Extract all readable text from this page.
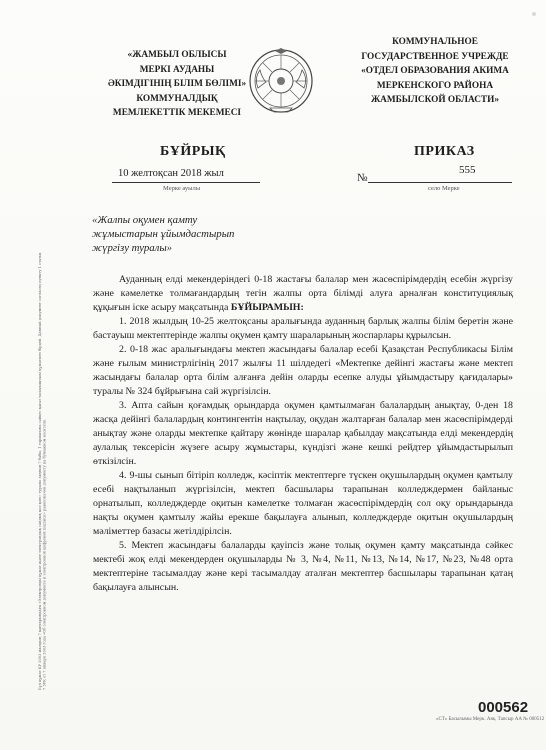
Бұл құжат ҚР 2003 жылдың 7 қаңтарындағы «Электронды құжат және электрондық сандық қол қою» туралы заңның 7 бабы, 1 тармағына сәйкес қағаз тасығыштағы құжатпен бірдей. Данный документ согласно пункту 1 статьи 7 ЗРК от 7 января 2003 года «Об электронном документе и электронной цифровой подписи» равнозначен документу на бумажном носителе.
«ЖАМБЫЛ ОБЛЫСЫ
МЕРКІ АУДАНЫ
ӘКІМДІГІНІҢ БІЛІМ БӨЛІМІ»
КОММУНАЛДЫҚ
МЕМЛЕКЕТТІК МЕКЕМЕСІ
КОММУНАЛЬНОЕ
ГОСУДАРСТВЕННОЕ УЧРЕЖДЕ
«ОТДЕЛ ОБРАЗОВАНИЯ АКИМА
МЕРКЕНСКОГО РАЙОНА
ЖАМБЫЛСКОЙ ОБЛАСТИ»
БҰЙРЫҚ	ПРИКАЗ
10 желтоқсан 2018 жыл
Мерке ауылы
№
555
село Мерке
«Жалпы оқумен қамту
жұмыстарын ұйымдастырып
жүргізу туралы»

Ауданның елді мекендеріндегі 0-18 жастағы балалар мен жасөспірімдердің есебін жүргізу және кәмелетке толмағандардың тегін жалпы орта білімді алуға арналған конституциялық құқығын іске асыру мақсатында БҰЙЫРАМЫН:

1. 2018 жылдың 10-25 желтоқсаны аралығында ауданның барлық жалпы білім беретін және бастауыш мектептерінде жалпы оқумен қамту шараларының жоспарлары құрылсын.

2. 0-18 жас аралығындағы мектеп жасындағы балалар есебі Қазақстан Республикасы Білім және ғылым министрлігінің 2017 жылғы 11 шілдедегі «Мектепке дейінгі жастағы және мектеп жасындағы балалар орта білім алғанға дейін оларды есепке алуды ұйымдастыру қағидалары» туралы № 324 бұйрығына сай жүргізілсін.

3. Апта сайын қоғамдық орындарда оқумен қамтылмаған балалардың анықтау, 0-ден 18 жасқа дейінгі балалардың контингентін нақтылау, оқудан жалтарған балалар мен жасөспірімдерді анықтау және оларды мектепке қайтару жөнінде шаралар қабылдау мақсатында елді мекендердің аулалық тексерісін жүзеге асыру жұмыстары, күндізгі және кешкі рейдтер ұйымдастырылып өткізілсін.

4. 9-шы сынып бітіріп колледж, кәсіптік мектептерге түскен оқушылардың оқумен қамтылу есебі нақтыланып жүргізілсін, мектеп басшылары тарапынан колледждермен байланыс орнатылып, колледждерде оқитын кәмелетке толмаған жасөспірімдердің сол оқу орындарында нақты оқумен қамтылу жайы ерекше бақылауға алынып, колледждерде оқитын оқушылардың мәліметтер базасы жетілдірілсін.

5. Мектеп жасындағы балаларды қауіпсіз және толық оқумен қамту мақсатында сәйкес мектебі жоқ елді мекендерден оқушыларды № 3, №4, №11, №13, №14, №17, №23, №48 орта мектептеріне тасымалдау және кері тасымалдау аталған мектептер басшылары тарапынан қатаң бақылауға алынсын.

000562
«СТ» Басылымы Мерк. Аяқ. Тапсыр АА № 000512
